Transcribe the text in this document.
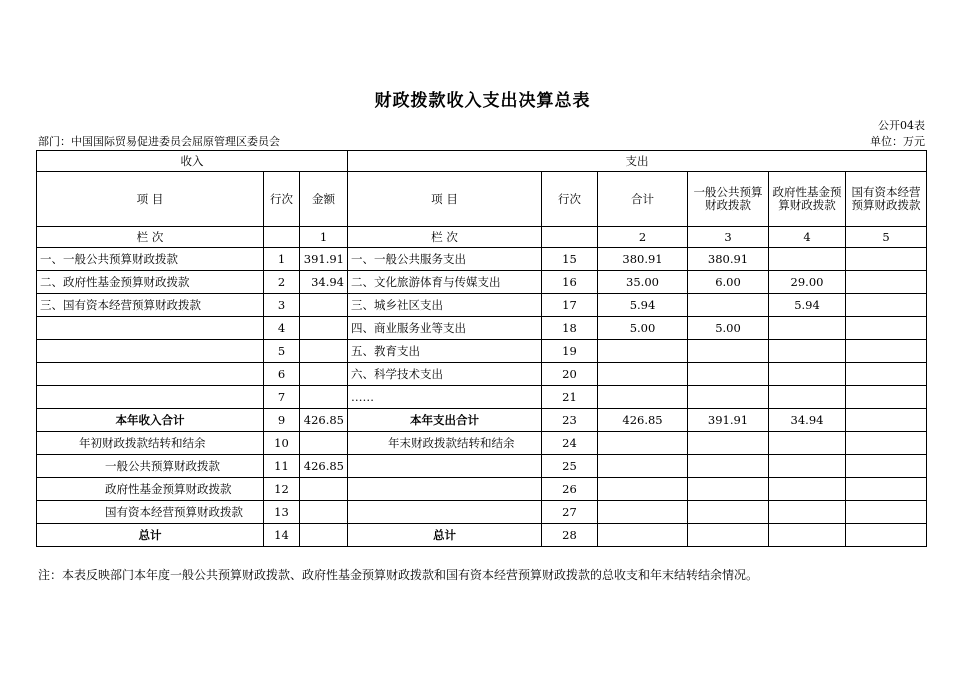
财政拨款收入支出决算总表
公开04表
部门：中国国际贸易促进委员会屈原管理区委员会	单位：万元
收入			支出					
项 目	行次	金额	项 目	行次	合计	一般公共预算财政拨款	政府性基金预算财政拨款	国有资本经营预算财政拨款
栏 次		1	栏 次		2	3	4	5
一、一般公共预算财政拨款	1	391.91	一、一般公共服务支出	15	380.91	380.91		
二、政府性基金预算财政拨款	2	34.94	二、文化旅游体育与传媒支出	16	35.00	6.00	29.00	
三、国有资本经营预算财政拨款	3		三、城乡社区支出	17	5.94		5.94	
	4		四、商业服务业等支出	18	5.00	5.00		
	5		五、教育支出	19				
	6		六、科学技术支出	20				
	7		……	21				
本年收入合计	9	426.85	本年支出合计	23	426.85	391.91	34.94	
年初财政拨款结转和结余	10		年末财政拨款结转和结余	24				
一般公共预算财政拨款	11	426.85		25				
政府性基金预算财政拨款	12			26				
国有资本经营预算财政拨款	13			27				
总计	14		总计	28				
注：本表反映部门本年度一般公共预算财政拨款、政府性基金预算财政拨款和国有资本经营预算财政拨款的总收支和年末结转结余情况。
